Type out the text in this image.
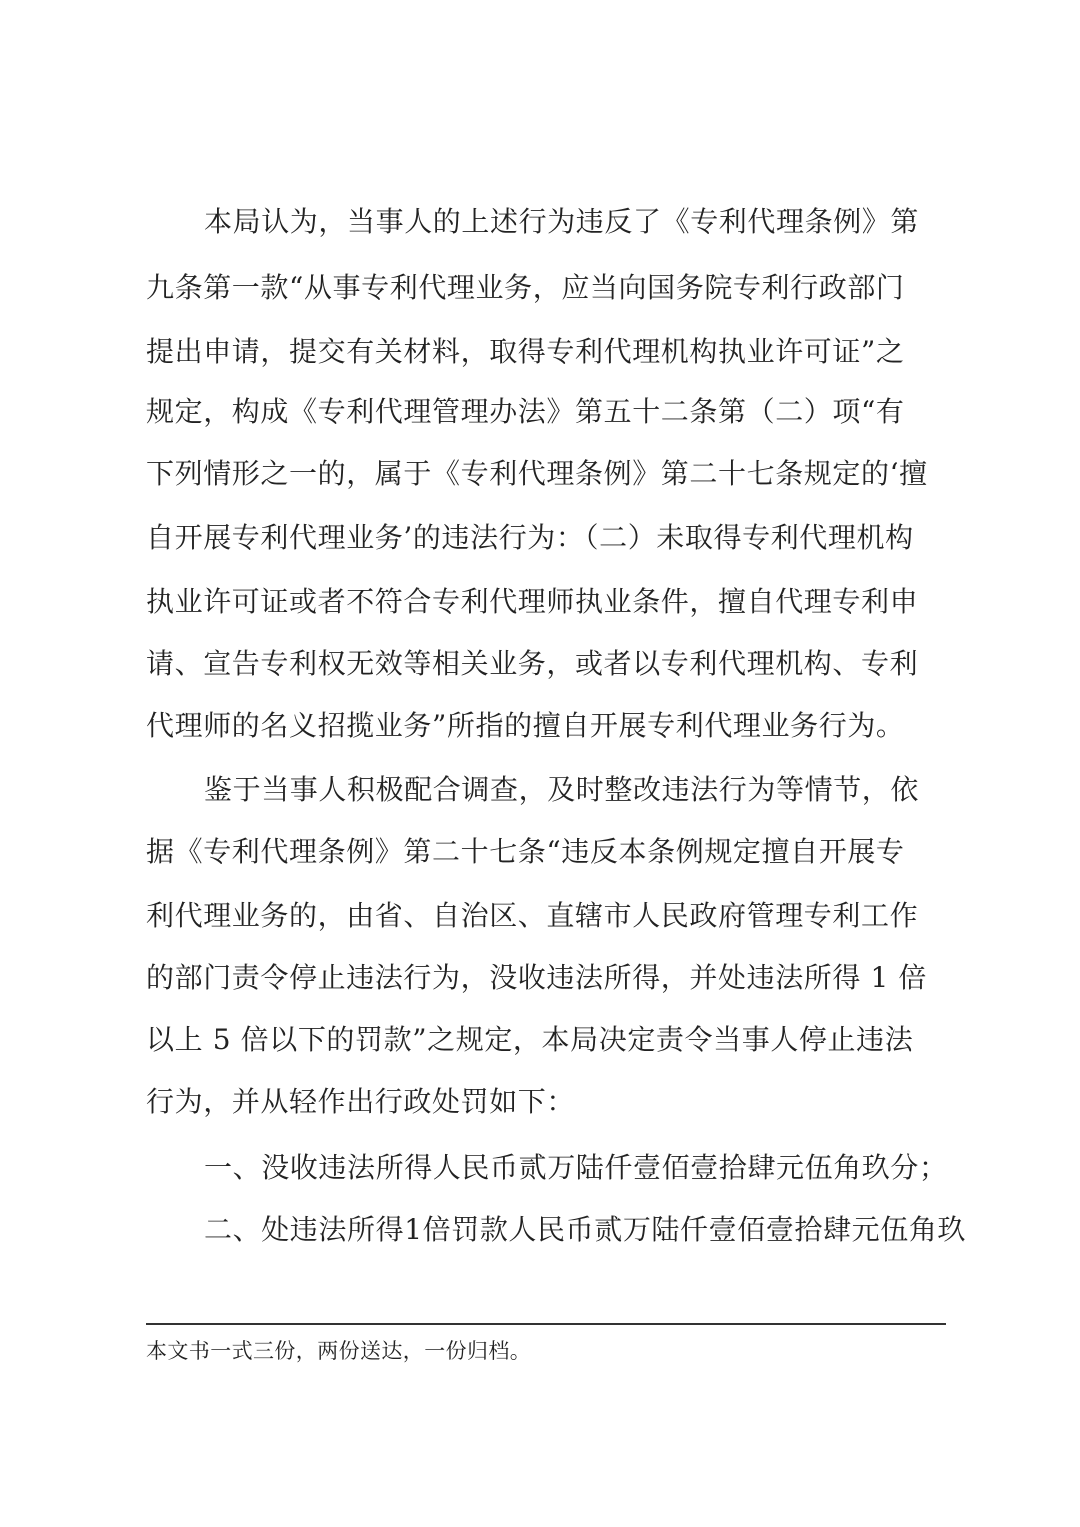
本局认为，当事人的上述行为违反了《专利代理条例》第
九条第一款“从事专利代理业务，应当向国务院专利行政部门
提出申请，提交有关材料，取得专利代理机构执业许可证”之
规定，构成《专利代理管理办法》第五十二条第（二）项“有
下列情形之一的，属于《专利代理条例》第二十七条规定的‘擅
自开展专利代理业务’的违法行为：（二）未取得专利代理机构
执业许可证或者不符合专利代理师执业条件，擅自代理专利申
请、宣告专利权无效等相关业务，或者以专利代理机构、专利
代理师的名义招揽业务”所指的擅自开展专利代理业务行为。
鉴于当事人积极配合调查，及时整改违法行为等情节，依
据《专利代理条例》第二十七条“违反本条例规定擅自开展专
利代理业务的，由省、自治区、直辖市人民政府管理专利工作
的部门责令停止违法行为，没收违法所得，并处违法所得 1 倍
以上 5 倍以下的罚款”之规定，本局决定责令当事人停止违法
行为，并从轻作出行政处罚如下：
一、没收违法所得人民币贰万陆仟壹佰壹拾肆元伍角玖分；
二、处违法所得1倍罚款人民币贰万陆仟壹佰壹拾肆元伍角玖
本文书一式三份，两份送达，一份归档。
